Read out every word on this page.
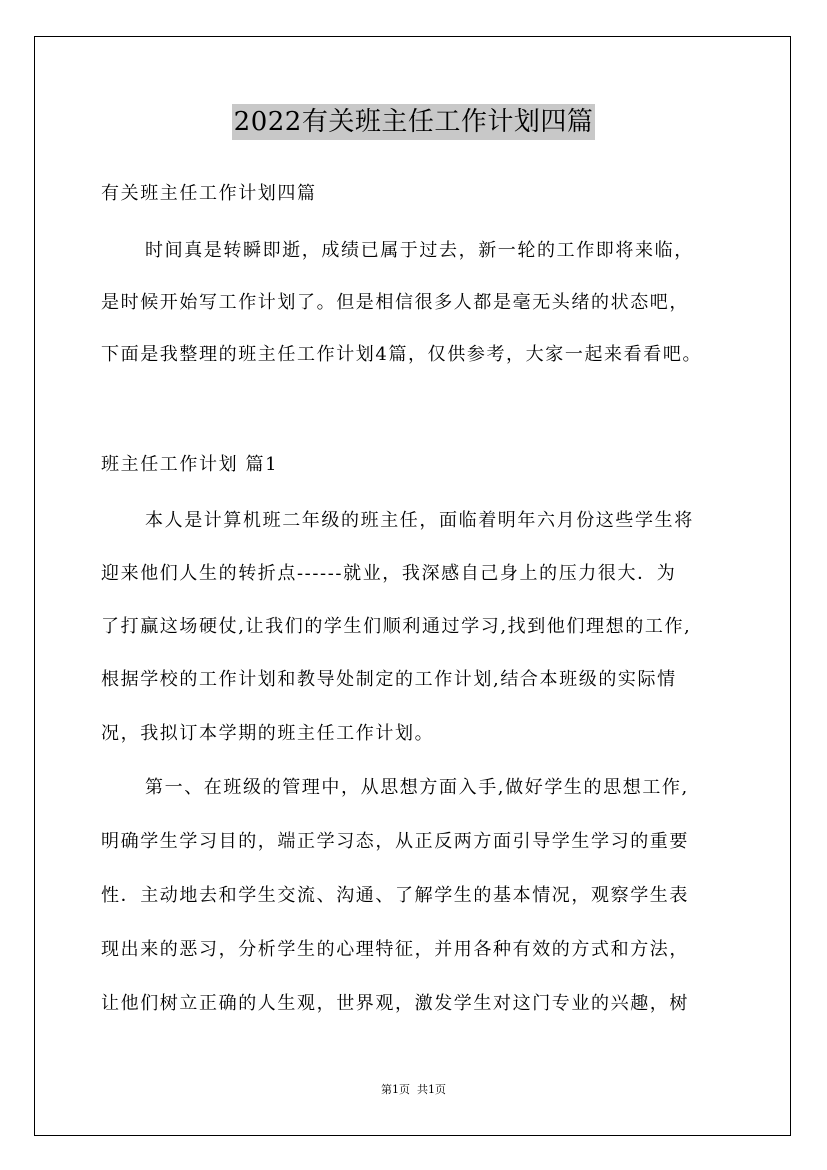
2022有关班主任工作计划四篇
有关班主任工作计划四篇
时间真是转瞬即逝，成绩已属于过去，新一轮的工作即将来临，
是时候开始写工作计划了。但是相信很多人都是毫无头绪的状态吧，
下面是我整理的班主任工作计划4篇，仅供参考，大家一起来看看吧。
班主任工作计划 篇1
本人是计算机班二年级的班主任，面临着明年六月份这些学生将
迎来他们人生的转折点------就业，我深感自己身上的压力很大．为
了打赢这场硬仗,让我们的学生们顺利通过学习,找到他们理想的工作,
根据学校的工作计划和教导处制定的工作计划,结合本班级的实际情
况，我拟订本学期的班主任工作计划。
第一、在班级的管理中，从思想方面入手,做好学生的思想工作,
明确学生学习目的，端正学习态，从正反两方面引导学生学习的重要
性．主动地去和学生交流、沟通、了解学生的基本情况，观察学生表
现出来的恶习，分析学生的心理特征，并用各种有效的方式和方法，
让他们树立正确的人生观，世界观，激发学生对这门专业的兴趣，树
第1页  共1页
